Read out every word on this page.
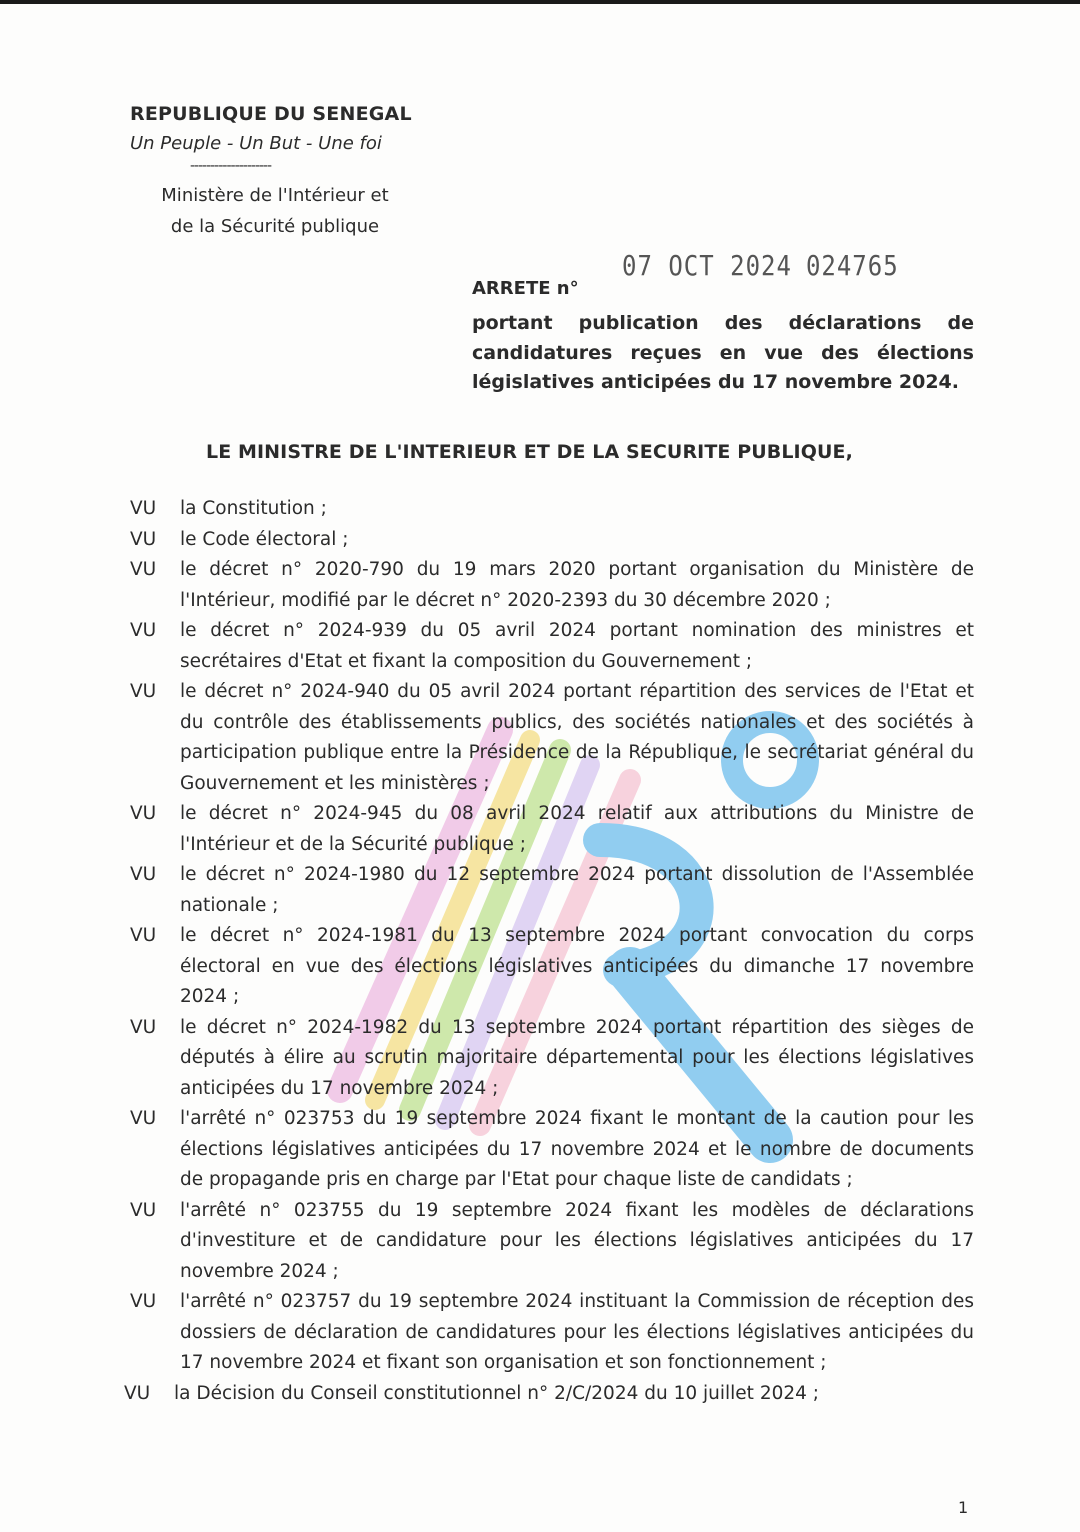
REPUBLIQUE DU SENEGAL
Un Peuple - Un But - Une foi
--------------------
Ministère de l'Intérieur et
de la Sécurité publique
07 OCT 2024 024765
ARRETE n°
portant publication des déclarations de candidatures reçues en vue des élections législatives anticipées du 17 novembre 2024.
LE MINISTRE DE L'INTERIEUR ET DE LA SECURITE PUBLIQUE,
VU	la Constitution ;
VU	le Code électoral ;
VU	le décret n° 2020-790 du 19 mars 2020 portant organisation du Ministère de l'Intérieur, modifié par le décret n° 2020-2393 du 30 décembre 2020 ;
VU	le décret n° 2024-939 du 05 avril 2024 portant nomination des ministres et secrétaires d'Etat et fixant la composition du Gouvernement ;
VU	le décret n° 2024-940 du 05 avril 2024 portant répartition des services de l'Etat et du contrôle des établissements publics, des sociétés nationales et des sociétés à participation publique entre la Présidence de la République, le secrétariat général du Gouvernement et les ministères ;
VU	le décret n° 2024-945 du 08 avril 2024 relatif aux attributions du Ministre de l'Intérieur et de la Sécurité publique ;
VU	le décret n° 2024-1980 du 12 septembre 2024 portant dissolution de l'Assemblée nationale ;
VU	le décret n° 2024-1981 du 13 septembre 2024 portant convocation du corps électoral en vue des élections législatives anticipées du dimanche 17 novembre 2024 ;
VU	le décret n° 2024-1982 du 13 septembre 2024 portant répartition des sièges de députés à élire au scrutin majoritaire départemental pour les élections législatives anticipées du 17 novembre 2024 ;
VU	l'arrêté n° 023753 du 19 septembre 2024 fixant le montant de la caution pour les élections législatives anticipées du 17 novembre 2024 et le nombre de documents de propagande pris en charge par l'Etat pour chaque liste de candidats ;
VU	l'arrêté n° 023755 du 19 septembre 2024 fixant les modèles de déclarations d'investiture et de candidature pour les élections législatives anticipées du 17 novembre 2024 ;
VU	l'arrêté n° 023757 du 19 septembre 2024 instituant la Commission de réception des dossiers de déclaration de candidatures pour les élections législatives anticipées du 17 novembre 2024 et fixant son organisation et son fonctionnement ;
VU	la Décision du Conseil constitutionnel n° 2/C/2024 du 10 juillet 2024 ;
1
